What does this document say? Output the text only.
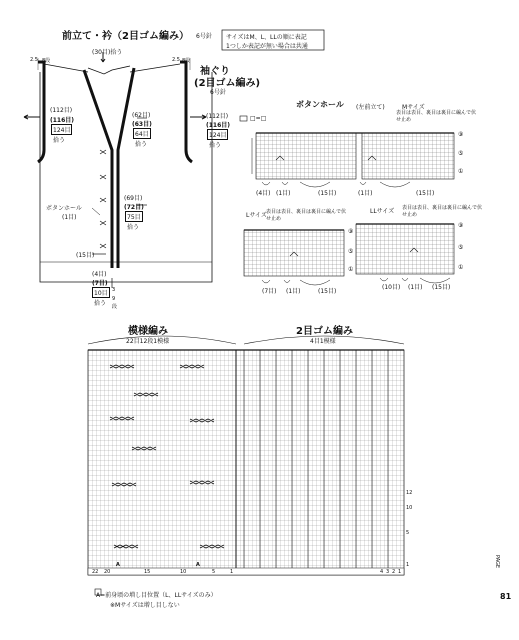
サイズはM、L、LLの順に表記
1つしか表記が無い場合は共通
前立て・衿（2目ゴム編み） 6号針
(30目)拾う
2.5 8段	2.5 8段
(112目)
(116目)
124目
拾う
(62目)
(63目)
64目
拾う
(69目)
(72目)
75目
拾う
ボタンホール
(1目)
(15目)
(4目)
(7目)
10目
拾う
3
9
段
袖ぐり
(2目ゴム編み)
6号針
(112目)
(116目)
124目
拾う
ボタンホール (左前立て)	Mサイズ
□=□
表目は表目、裏目は裏目に編んで伏せ止め
⑨
⑤
①
(4目) (1目)	(15目)	(1目)	(15目)
Lサイズ 表目は表目、裏目は裏目に編んで伏せ止め
⑨
⑤
①
(7目) (1目)	(15目)
LLサイズ 表目は表目、裏目は裏目に編んで伏せ止め
⑨
⑤
①
(10目) (1目) (15目)
模様編み
22目12段1模様
2目ゴム編み
4目1模様
12
10
5
1
22 20	15	10	5	1	4 3 2 1
A	A
A=前身頃の増し目位置（L、LLサイズのみ）
※Mサイズは増し目しない
PAGE
81
